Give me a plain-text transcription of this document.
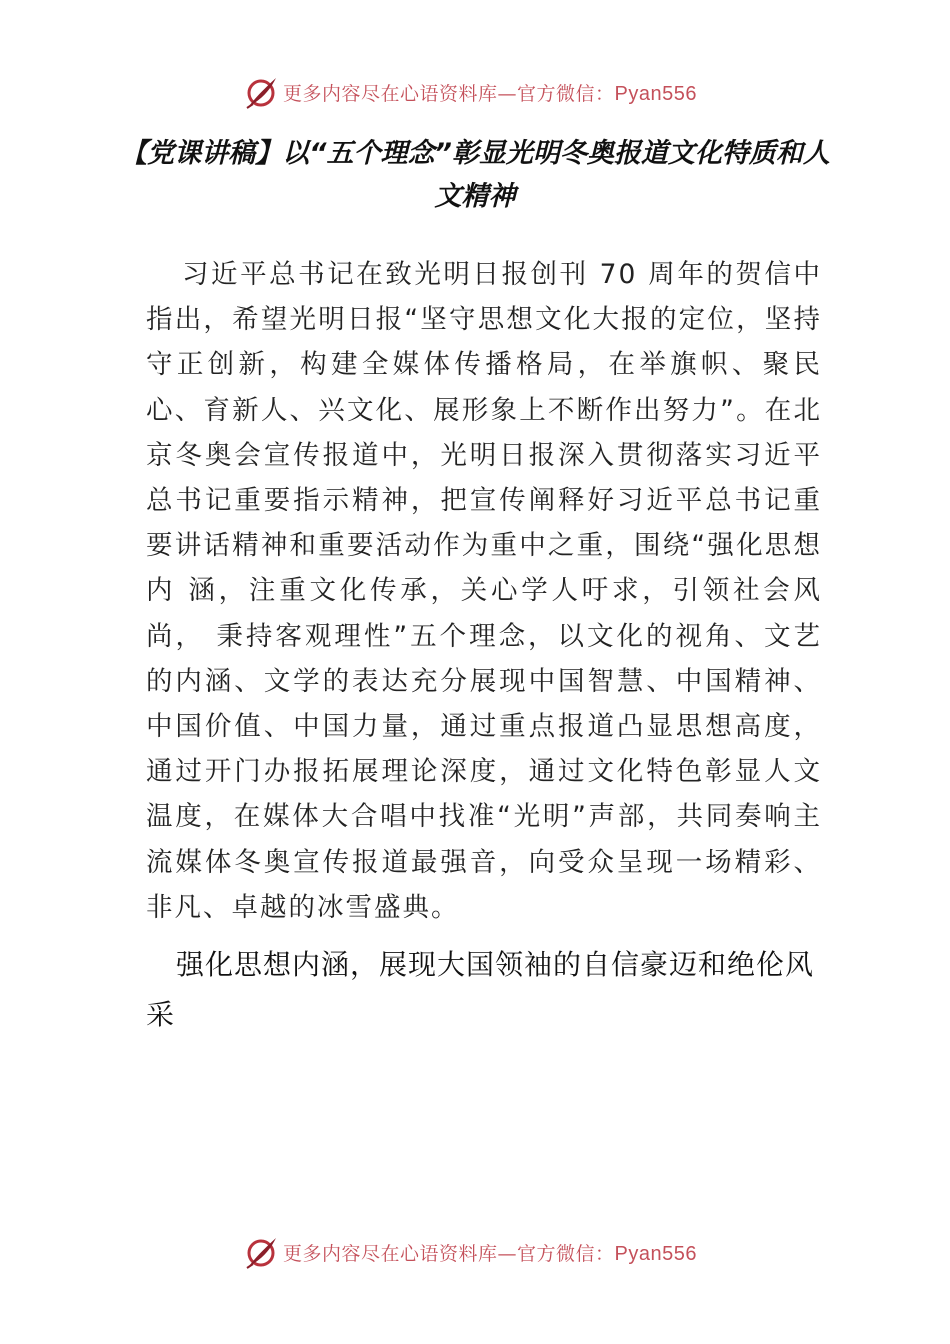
更多内容尽在心语资料库—官方微信：Pyan556
【党课讲稿】以“五个理念”彰显光明冬奥报道文化特质和人文精神

习近平总书记在致光明日报创刊 70 周年的贺信中指出，希望光明日报“坚守思想文化大报的定位，坚持守正创新，构建全媒体传播格局，在举旗帜、聚民心、育新人、兴文化、展形象上不断作出努力”。在北京冬奥会宣传报道中，光明日报深入贯彻落实习近平总书记重要指示精神，把宣传阐释好习近平总书记重要讲话精神和重要活动作为重中之重，围绕“强化思想内 涵，注重文化传承，关心学人吁求，引领社会风尚， 秉持客观理性”五个理念，以文化的视角、文艺的内涵、文学的表达充分展现中国智慧、中国精神、中国价值、中国力量，通过重点报道凸显思想高度，通过开门办报拓展理论深度，通过文化特色彰显人文温度，在媒体大合唱中找准“光明”声部，共同奏响主流媒体冬奥宣传报道最强音，向受众呈现一场精彩、非凡、卓越的冰雪盛典。

强化思想内涵，展现大国领袖的自信豪迈和绝伦风采

更多内容尽在心语资料库—官方微信：Pyan556
